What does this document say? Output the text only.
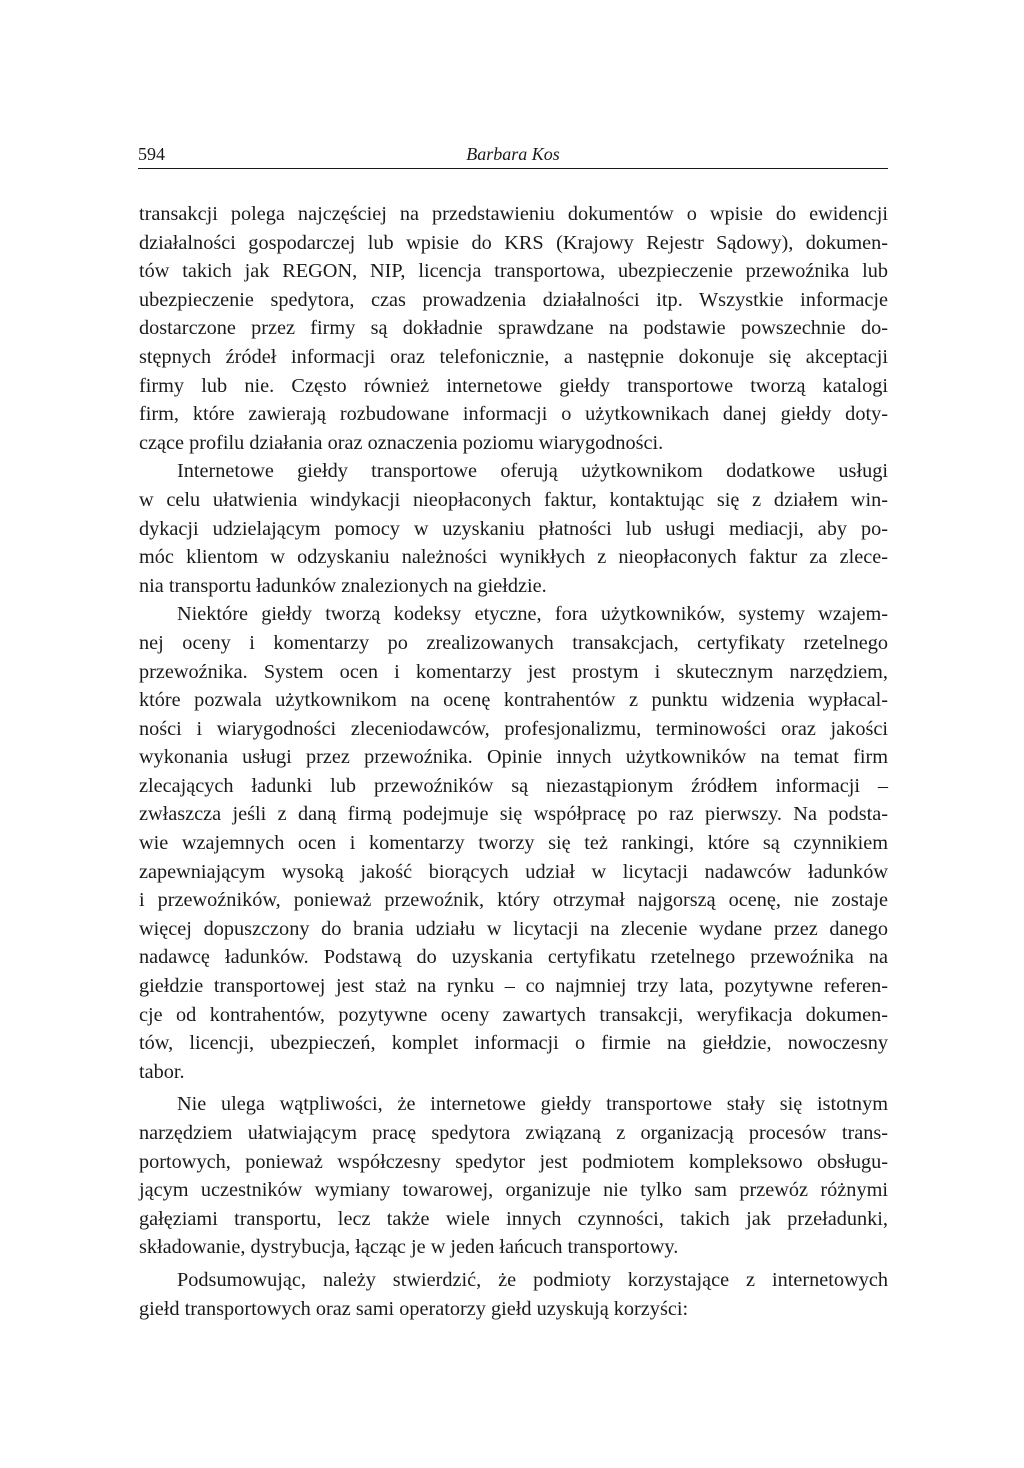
594	Barbara Kos
transakcji polega najczęściej na przedstawieniu dokumentów o wpisie do ewidencji
działalności gospodarczej lub wpisie do KRS (Krajowy Rejestr Sądowy), dokumen-
tów takich jak REGON, NIP, licencja transportowa, ubezpieczenie przewoźnika lub
ubezpieczenie spedytora, czas prowadzenia działalności itp. Wszystkie informacje
dostarczone przez firmy są dokładnie sprawdzane na podstawie powszechnie do-
stępnych źródeł informacji oraz telefonicznie, a następnie dokonuje się akceptacji
firmy lub nie. Często również internetowe giełdy transportowe tworzą katalogi
firm, które zawierają rozbudowane informacji o użytkownikach danej giełdy doty-
czące profilu działania oraz oznaczenia poziomu wiarygodności.
Internetowe giełdy transportowe oferują użytkownikom dodatkowe usługi
w celu ułatwienia windykacji nieopłaconych faktur, kontaktując się z działem win-
dykacji udzielającym pomocy w uzyskaniu płatności lub usługi mediacji, aby po-
móc klientom w odzyskaniu należności wynikłych z nieopłaconych faktur za zlece-
nia transportu ładunków znalezionych na giełdzie.
Niektóre giełdy tworzą kodeksy etyczne, fora użytkowników, systemy wzajem-
nej oceny i komentarzy po zrealizowanych transakcjach, certyfikaty rzetelnego
przewoźnika. System ocen i komentarzy jest prostym i skutecznym narzędziem,
które pozwala użytkownikom na ocenę kontrahentów z punktu widzenia wypłacal-
ności i wiarygodności zleceniodawców, profesjonalizmu, terminowości oraz jakości
wykonania usługi przez przewoźnika. Opinie innych użytkowników na temat firm
zlecających ładunki lub przewoźników są niezastąpionym źródłem informacji –
zwłaszcza jeśli z daną firmą podejmuje się współpracę po raz pierwszy. Na podsta-
wie wzajemnych ocen i komentarzy tworzy się też rankingi, które są czynnikiem
zapewniającym wysoką jakość biorących udział w licytacji nadawców ładunków
i przewoźników, ponieważ przewoźnik, który otrzymał najgorszą ocenę, nie zostaje
więcej dopuszczony do brania udziału w licytacji na zlecenie wydane przez danego
nadawcę ładunków. Podstawą do uzyskania certyfikatu rzetelnego przewoźnika na
giełdzie transportowej jest staż na rynku – co najmniej trzy lata, pozytywne referen-
cje od kontrahentów, pozytywne oceny zawartych transakcji, weryfikacja dokumen-
tów, licencji, ubezpieczeń, komplet informacji o firmie na giełdzie, nowoczesny
tabor.
Nie ulega wątpliwości, że internetowe giełdy transportowe stały się istotnym
narzędziem ułatwiającym pracę spedytora związaną z organizacją procesów trans-
portowych, ponieważ współczesny spedytor jest podmiotem kompleksowo obsługu-
jącym uczestników wymiany towarowej, organizuje nie tylko sam przewóz różnymi
gałęziami transportu, lecz także wiele innych czynności, takich jak przeładunki,
składowanie, dystrybucja, łącząc je w jeden łańcuch transportowy.
Podsumowując, należy stwierdzić, że podmioty korzystające z internetowych
giełd transportowych oraz sami operatorzy giełd uzyskują korzyści:
